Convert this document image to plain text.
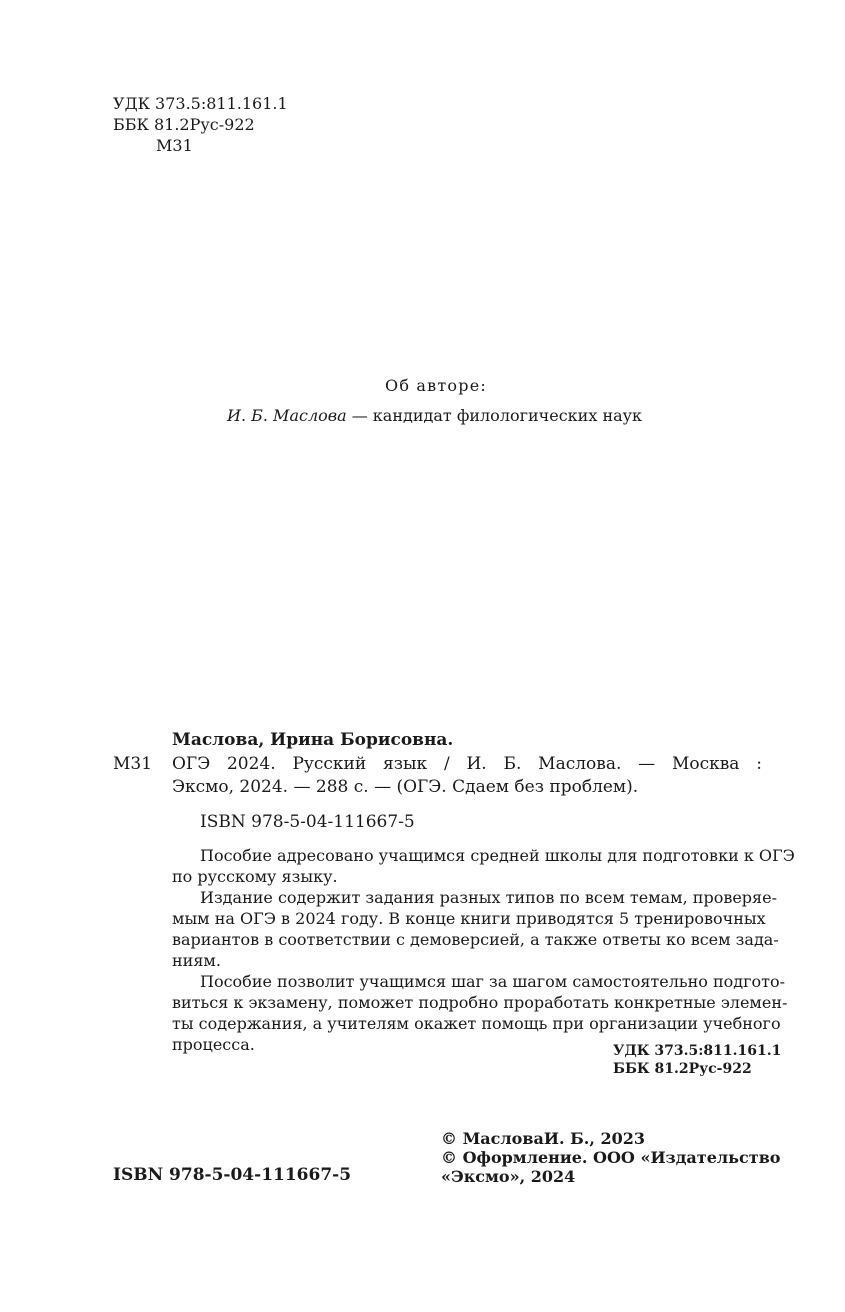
УДК 373.5:811.161.1
ББК 81.2Рус-922
М31
Об авторе:
И. Б. Маслова — кандидат филологических наук
Маслова, Ирина Борисовна.
М31 ОГЭ 2024. Русский язык / И. Б. Маслова. — Москва :
Эксмо, 2024. — 288 с. — (ОГЭ. Сдаем без проблем).
ISBN 978-5-04-111667-5
Пособие адресовано учащимся средней школы для подготовки к ОГЭ
по русскому языку.
Издание содержит задания разных типов по всем темам, проверяе-
мым на ОГЭ в 2024 году. В конце книги приводятся 5 тренировочных
вариантов в соответствии с демоверсией, а также ответы ко всем зада-
ниям.
Пособие позволит учащимся шаг за шагом самостоятельно подгото-
виться к экзамену, поможет подробно проработать конкретные элемен-
ты содержания, а учителям окажет помощь при организации учебного
процесса.	УДК 373.5:811.161.1
ББК 81.2Рус-922
© МасловаИ. Б., 2023
© Оформление. ООО «Издательство
«Эксмо», 2024
ISBN 978-5-04-111667-5
